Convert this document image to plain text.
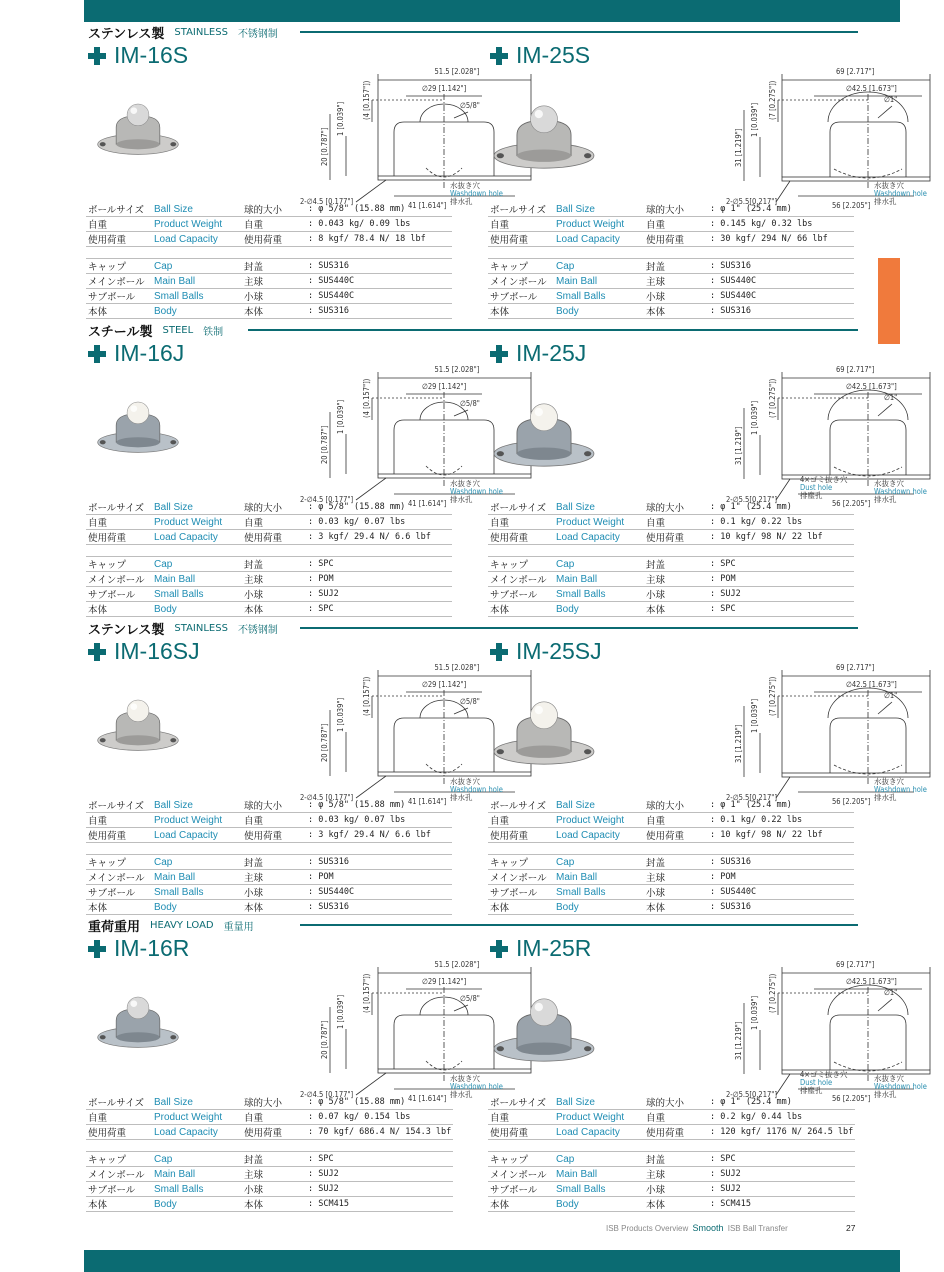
ステンレス製 STAINLESS 不锈钢制
スチール製 STEEL 铁制
ステンレス製 STAINLESS 不锈钢制
重荷重用 HEAVY LOAD 重量用
IM-16S
51.5 [2.028"]
∅29 [1.142"]
∅5/8"
20 [0.787"]
1 [0.039"] (4 [0.157"])
2-∅4.5 [0.177"]	41 [1.614"]
水抜き穴
Washdown hole
排水孔
ボールサイズ	Ball Size	球的大小	: φ 5/8" (15.88 mm)
自重	Product Weight	自重	: 0.043 kg/ 0.09 lbs
使用荷重	Load Capacity	使用荷重	: 8 kgf/ 78.4 N/ 18 lbf

キャップ	Cap	封盖	: SUS316
メインボール	Main Ball	主球	: SUS440C
サブボール	Small Balls	小球	: SUS440C
本体	Body	本体	: SUS316
IM-25S
69 [2.717"]
∅42.5 [1.673"]
∅1"
31 [1.219"]
1 [0.039"] (7 [0.275"])
2-∅5.5[0.217"]	56 [2.205"]
水抜き穴
Washdown hole
排水孔
ボールサイズ	Ball Size	球的大小	: φ 1" (25.4 mm)
自重	Product Weight	自重	: 0.145 kg/ 0.32 lbs
使用荷重	Load Capacity	使用荷重	: 30 kgf/ 294 N/ 66 lbf

キャップ	Cap	封盖	: SUS316
メインボール	Main Ball	主球	: SUS440C
サブボール	Small Balls	小球	: SUS440C
本体	Body	本体	: SUS316
IM-16J
51.5 [2.028"]
∅29 [1.142"]
∅5/8"
20 [0.787"]
1 [0.039"] (4 [0.157"])
2-∅4.5 [0.177"]	41 [1.614"]
水抜き穴
Washdown hole
排水孔
ボールサイズ	Ball Size	球的大小	: φ 5/8" (15.88 mm)
自重	Product Weight	自重	: 0.03 kg/ 0.07 lbs
使用荷重	Load Capacity	使用荷重	: 3 kgf/ 29.4 N/ 6.6 lbf

キャップ	Cap	封盖	: SPC
メインボール	Main Ball	主球	: POM
サブボール	Small Balls	小球	: SUJ2
本体	Body	本体	: SPC
IM-25J
69 [2.717"]
∅42.5 [1.673"]
∅1"
31 [1.219"]
1 [0.039"] (7 [0.275"])
2-∅5.5[0.217"]	56 [2.205"]
水抜き穴
Washdown hole
排水孔
4×ゴミ抜き穴
Dust hole
排塵孔
ボールサイズ	Ball Size	球的大小	: φ 1" (25.4 mm)
自重	Product Weight	自重	: 0.1 kg/ 0.22 lbs
使用荷重	Load Capacity	使用荷重	: 10 kgf/ 98 N/ 22 lbf

キャップ	Cap	封盖	: SPC
メインボール	Main Ball	主球	: POM
サブボール	Small Balls	小球	: SUJ2
本体	Body	本体	: SPC
IM-16SJ
51.5 [2.028"]
∅29 [1.142"]
∅5/8"
20 [0.787"]
1 [0.039"] (4 [0.157"])
2-∅4.5 [0.177"]	41 [1.614"]
水抜き穴
Washdown hole
排水孔
ボールサイズ	Ball Size	球的大小	: φ 5/8" (15.88 mm)
自重	Product Weight	自重	: 0.03 kg/ 0.07 lbs
使用荷重	Load Capacity	使用荷重	: 3 kgf/ 29.4 N/ 6.6 lbf

キャップ	Cap	封盖	: SUS316
メインボール	Main Ball	主球	: POM
サブボール	Small Balls	小球	: SUS440C
本体	Body	本体	: SUS316
IM-25SJ
69 [2.717"]
∅42.5 [1.673"]
∅1"
31 [1.219"]
1 [0.039"] (7 [0.275"])
2-∅5.5[0.217"]	56 [2.205"]
水抜き穴
Washdown hole
排水孔
ボールサイズ	Ball Size	球的大小	: φ 1" (25.4 mm)
自重	Product Weight	自重	: 0.1 kg/ 0.22 lbs
使用荷重	Load Capacity	使用荷重	: 10 kgf/ 98 N/ 22 lbf

キャップ	Cap	封盖	: SUS316
メインボール	Main Ball	主球	: POM
サブボール	Small Balls	小球	: SUS440C
本体	Body	本体	: SUS316
IM-16R
51.5 [2.028"]
∅29 [1.142"]
∅5/8"
20 [0.787"]
1 [0.039"] (4 [0.157"])
2-∅4.5 [0.177"]	41 [1.614"]
水抜き穴
Washdown hole
排水孔
ボールサイズ	Ball Size	球的大小	: φ 5/8" (15.88 mm)
自重	Product Weight	自重	: 0.07 kg/ 0.154 lbs
使用荷重	Load Capacity	使用荷重	: 70 kgf/ 686.4 N/ 154.3 lbf

キャップ	Cap	封盖	: SPC
メインボール	Main Ball	主球	: SUJ2
サブボール	Small Balls	小球	: SUJ2
本体	Body	本体	: SCM415
IM-25R
69 [2.717"]
∅42.5 [1.673"]
∅1"
31 [1.219"]
1 [0.039"] (7 [0.275"])
2-∅5.5[0.217"]	56 [2.205"]
水抜き穴
Washdown hole
排水孔
4×ゴミ抜き穴
Dust hole
排塵孔
ボールサイズ	Ball Size	球的大小	: φ 1" (25.4 mm)
自重	Product Weight	自重	: 0.2 kg/ 0.44 lbs
使用荷重	Load Capacity	使用荷重	: 120 kgf/ 1176 N/ 264.5 lbf

キャップ	Cap	封盖	: SPC
メインボール	Main Ball	主球	: SUJ2
サブボール	Small Balls	小球	: SUJ2
本体	Body	本体	: SCM415
ISB Products Overview Smooth ISB Ball Transfer	27
